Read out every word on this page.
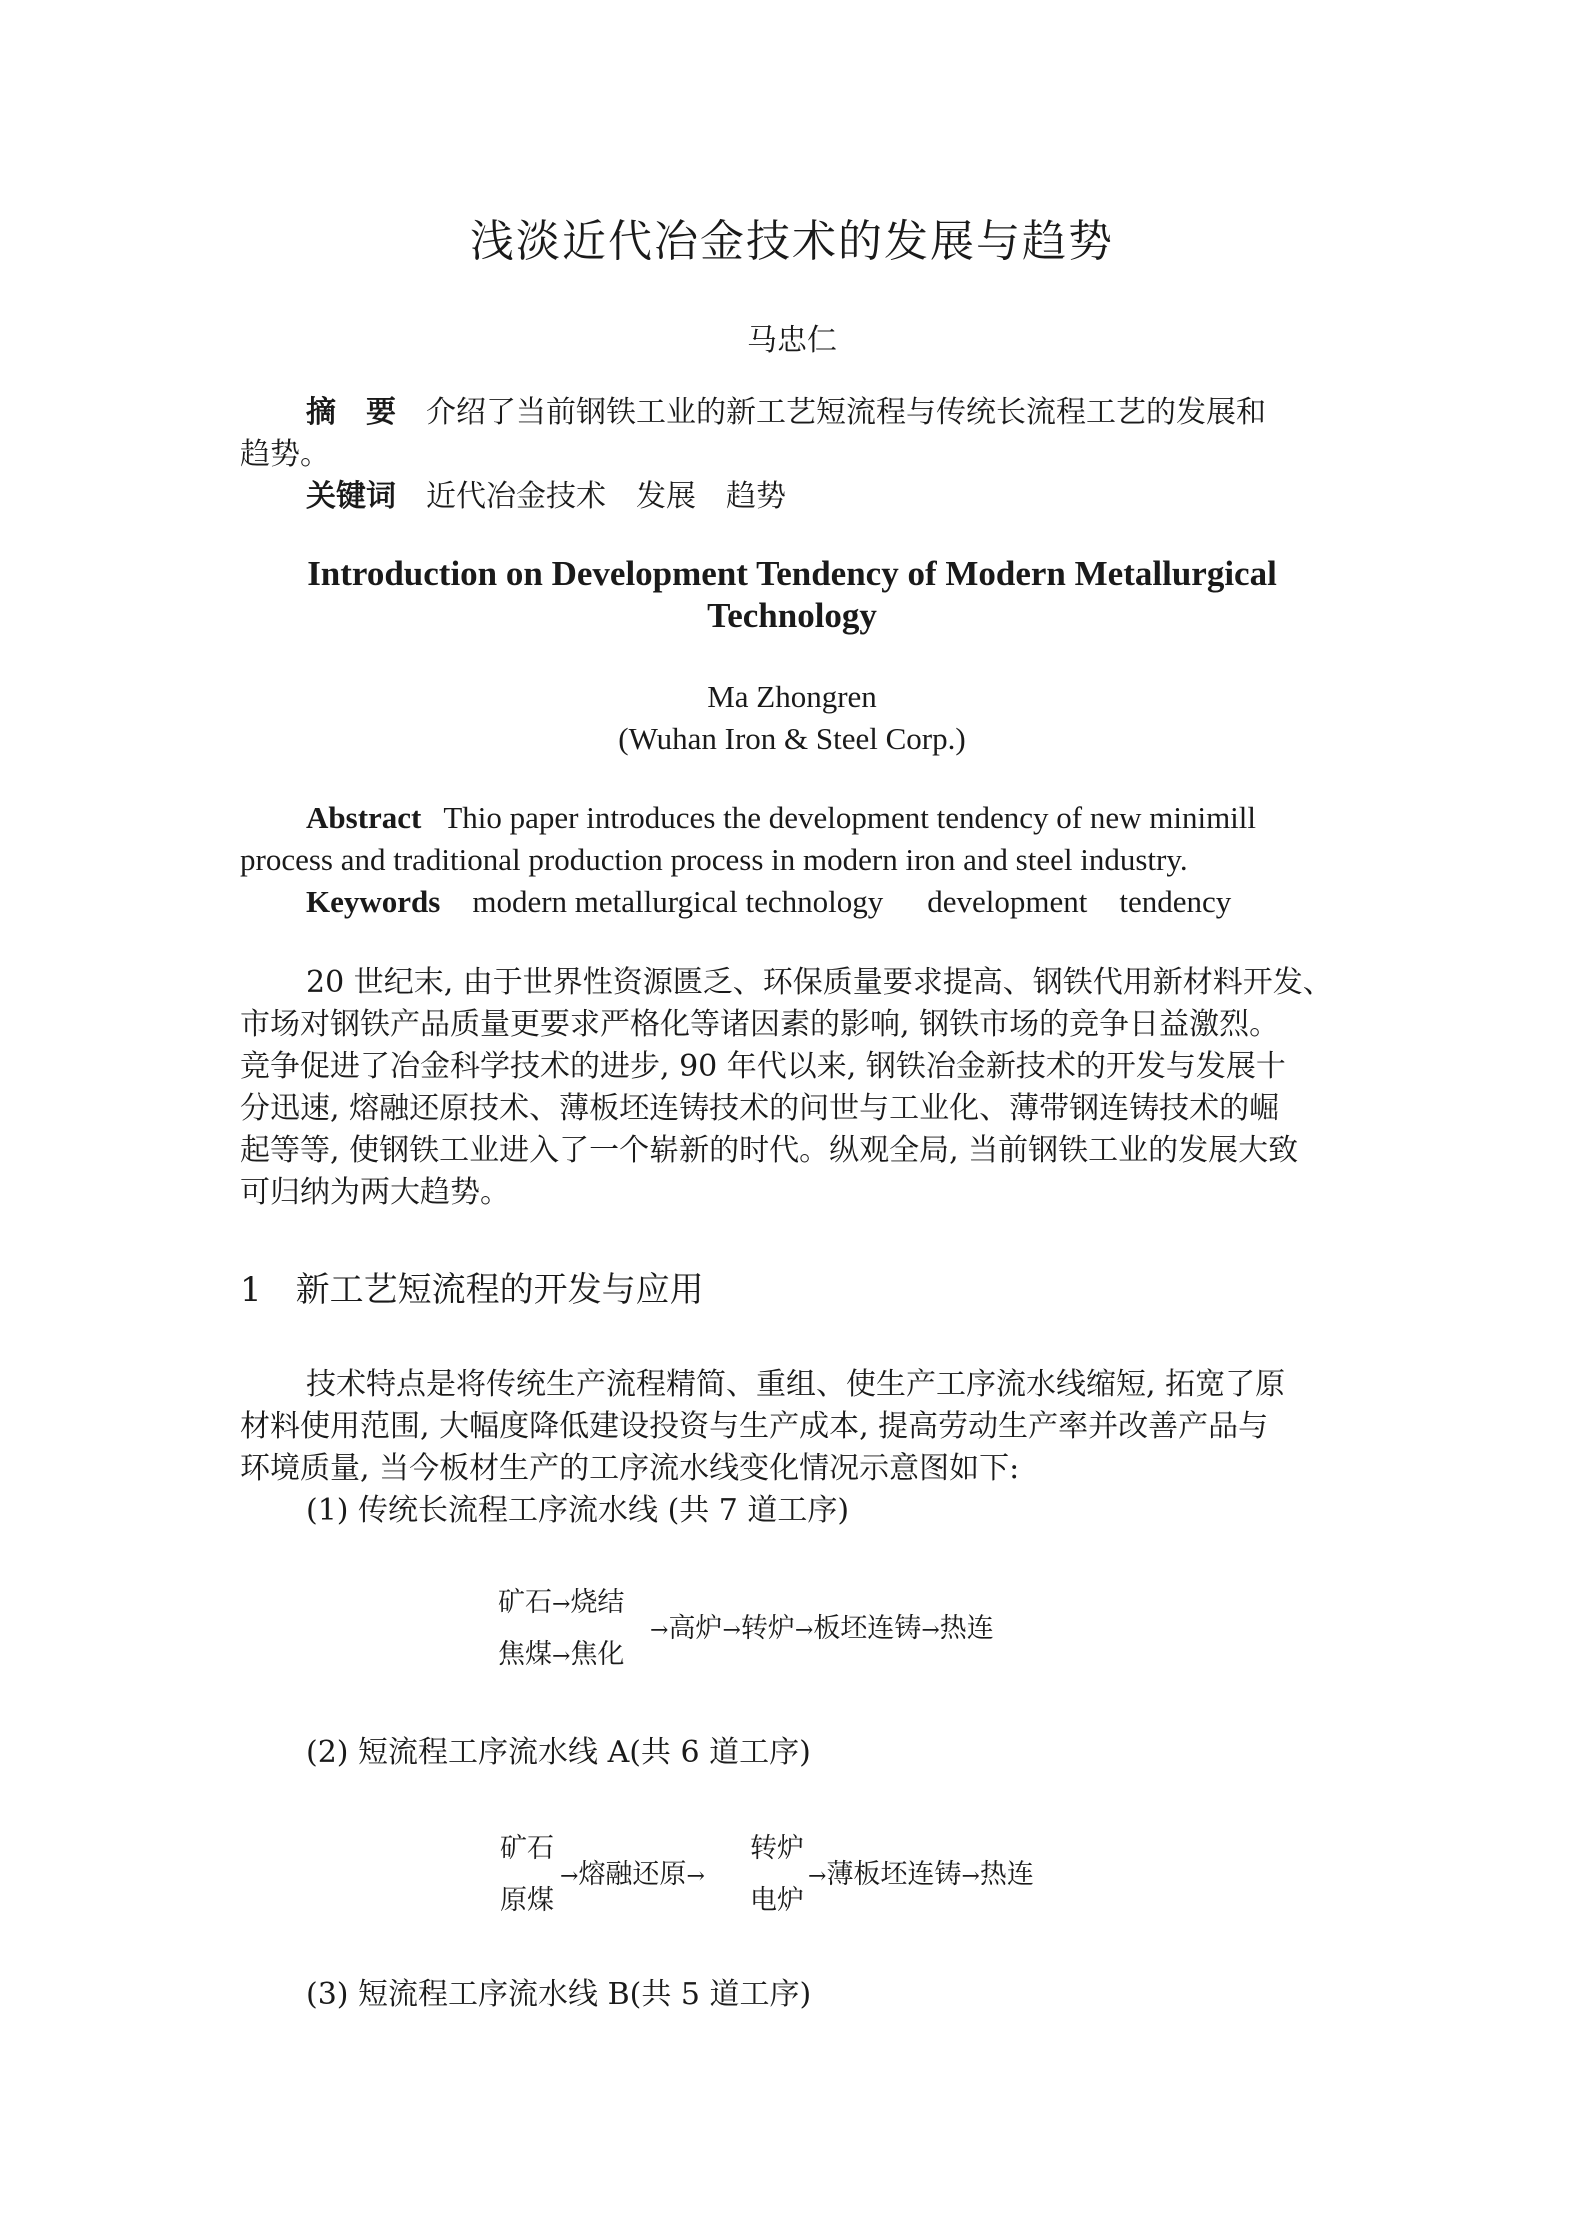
浅淡近代冶金技术的发展与趋势
马忠仁
摘　要 介绍了当前钢铁工业的新工艺短流程与传统长流程工艺的发展和
趋势。
关键词 近代冶金技术 发展 趋势
Introduction on Development Tendency of Modern Metallurgical
Technology
Ma Zhongren
(Wuhan Iron & Steel Corp.)
Abstract Thio paper introduces the development tendency of new minimill
process and traditional production process in modern iron and steel industry.
Keywords modern metallurgical technology development tendency
20 世纪末, 由于世界性资源匮乏、环保质量要求提高、钢铁代用新材料开发、
市场对钢铁产品质量更要求严格化等诸因素的影响, 钢铁市场的竞争日益激烈。
竞争促进了冶金科学技术的进步, 90 年代以来, 钢铁冶金新技术的开发与发展十
分迅速, 熔融还原技术、薄板坯连铸技术的问世与工业化、薄带钢连铸技术的崛
起等等, 使钢铁工业进入了一个崭新的时代。纵观全局, 当前钢铁工业的发展大致
可归纳为两大趋势。
1 新工艺短流程的开发与应用
技术特点是将传统生产流程精简、重组、使生产工序流水线缩短, 拓宽了原
材料使用范围, 大幅度降低建设投资与生产成本, 提高劳动生产率并改善产品与
环境质量, 当今板材生产的工序流水线变化情况示意图如下:
(1) 传统长流程工序流水线 (共 7 道工序)
矿石→烧结
焦煤→焦化
→高炉→转炉→板坯连铸→热连
(2) 短流程工序流水线 A(共 6 道工序)
矿石
原煤
→熔融还原→
转炉
电炉
→薄板坯连铸→热连
(3) 短流程工序流水线 B(共 5 道工序)
